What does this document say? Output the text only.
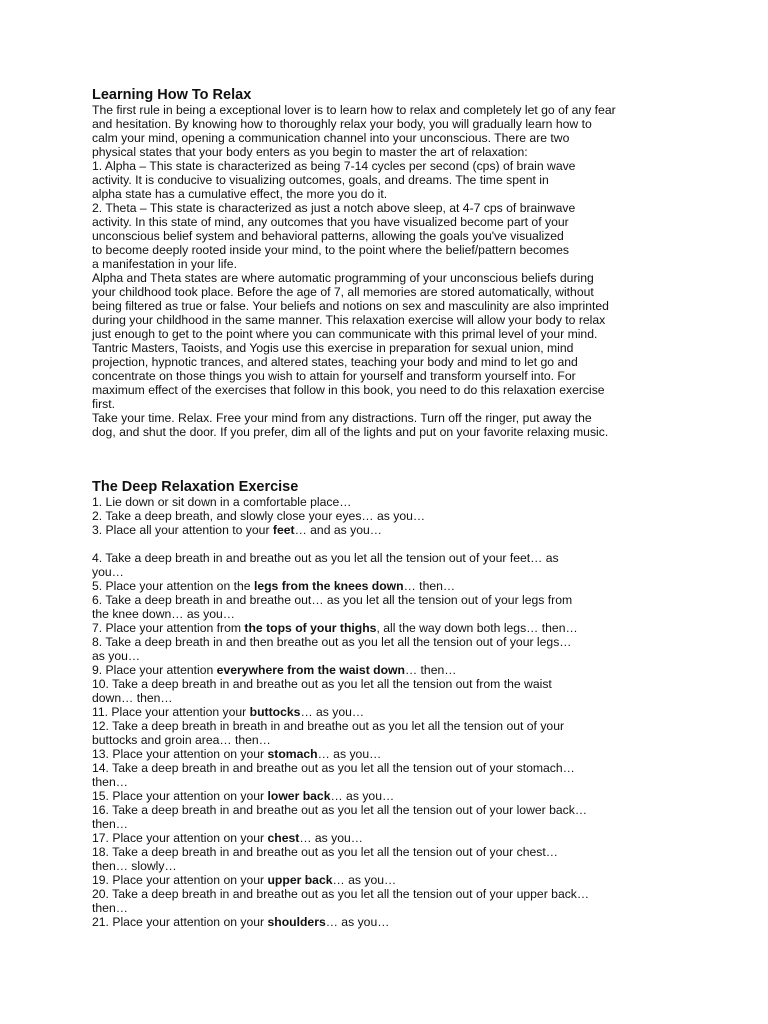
Learning How To Relax
The first rule in being a exceptional lover is to learn how to relax and completely let go of any fear
and hesitation. By knowing how to thoroughly relax your body, you will gradually learn how to
calm your mind, opening a communication channel into your unconscious. There are two
physical states that your body enters as you begin to master the art of relaxation:
1. Alpha – This state is characterized as being 7-14 cycles per second (cps) of brain wave
activity. It is conducive to visualizing outcomes, goals, and dreams. The time spent in
alpha state has a cumulative effect, the more you do it.
2. Theta – This state is characterized as just a notch above sleep, at 4-7 cps of brainwave
activity. In this state of mind, any outcomes that you have visualized become part of your
unconscious belief system and behavioral patterns, allowing the goals you've visualized
to become deeply rooted inside your mind, to the point where the belief/pattern becomes
a manifestation in your life.
Alpha and Theta states are where automatic programming of your unconscious beliefs during
your childhood took place. Before the age of 7, all memories are stored automatically, without
being filtered as true or false. Your beliefs and notions on sex and masculinity are also imprinted
during your childhood in the same manner. This relaxation exercise will allow your body to relax
just enough to get to the point where you can communicate with this primal level of your mind.
Tantric Masters, Taoists, and Yogis use this exercise in preparation for sexual union, mind
projection, hypnotic trances, and altered states, teaching your body and mind to let go and
concentrate on those things you wish to attain for yourself and transform yourself into. For
maximum effect of the exercises that follow in this book, you need to do this relaxation exercise
first.
Take your time. Relax. Free your mind from any distractions. Turn off the ringer, put away the
dog, and shut the door. If you prefer, dim all of the lights and put on your favorite relaxing music.
The Deep Relaxation Exercise
1. Lie down or sit down in a comfortable place…
2. Take a deep breath, and slowly close your eyes… as you…
3. Place all your attention to your feet… and as you…
4. Take a deep breath in and breathe out as you let all the tension out of your feet… as
you…
5. Place your attention on the legs from the knees down… then…
6. Take a deep breath in and breathe out… as you let all the tension out of your legs from
the knee down… as you…
7. Place your attention from the tops of your thighs, all the way down both legs… then…
8. Take a deep breath in and then breathe out as you let all the tension out of your legs…
as you…
9. Place your attention everywhere from the waist down… then…
10. Take a deep breath in and breathe out as you let all the tension out from the waist
down… then…
11. Place your attention your buttocks… as you…
12. Take a deep breath in breath in and breathe out as you let all the tension out of your
buttocks and groin area… then…
13. Place your attention on your stomach… as you…
14. Take a deep breath in and breathe out as you let all the tension out of your stomach…
then…
15. Place your attention on your lower back… as you…
16. Take a deep breath in and breathe out as you let all the tension out of your lower back…
then…
17. Place your attention on your chest… as you…
18. Take a deep breath in and breathe out as you let all the tension out of your chest…
then… slowly…
19. Place your attention on your upper back… as you…
20. Take a deep breath in and breathe out as you let all the tension out of your upper back…
then…
21. Place your attention on your shoulders… as you…
